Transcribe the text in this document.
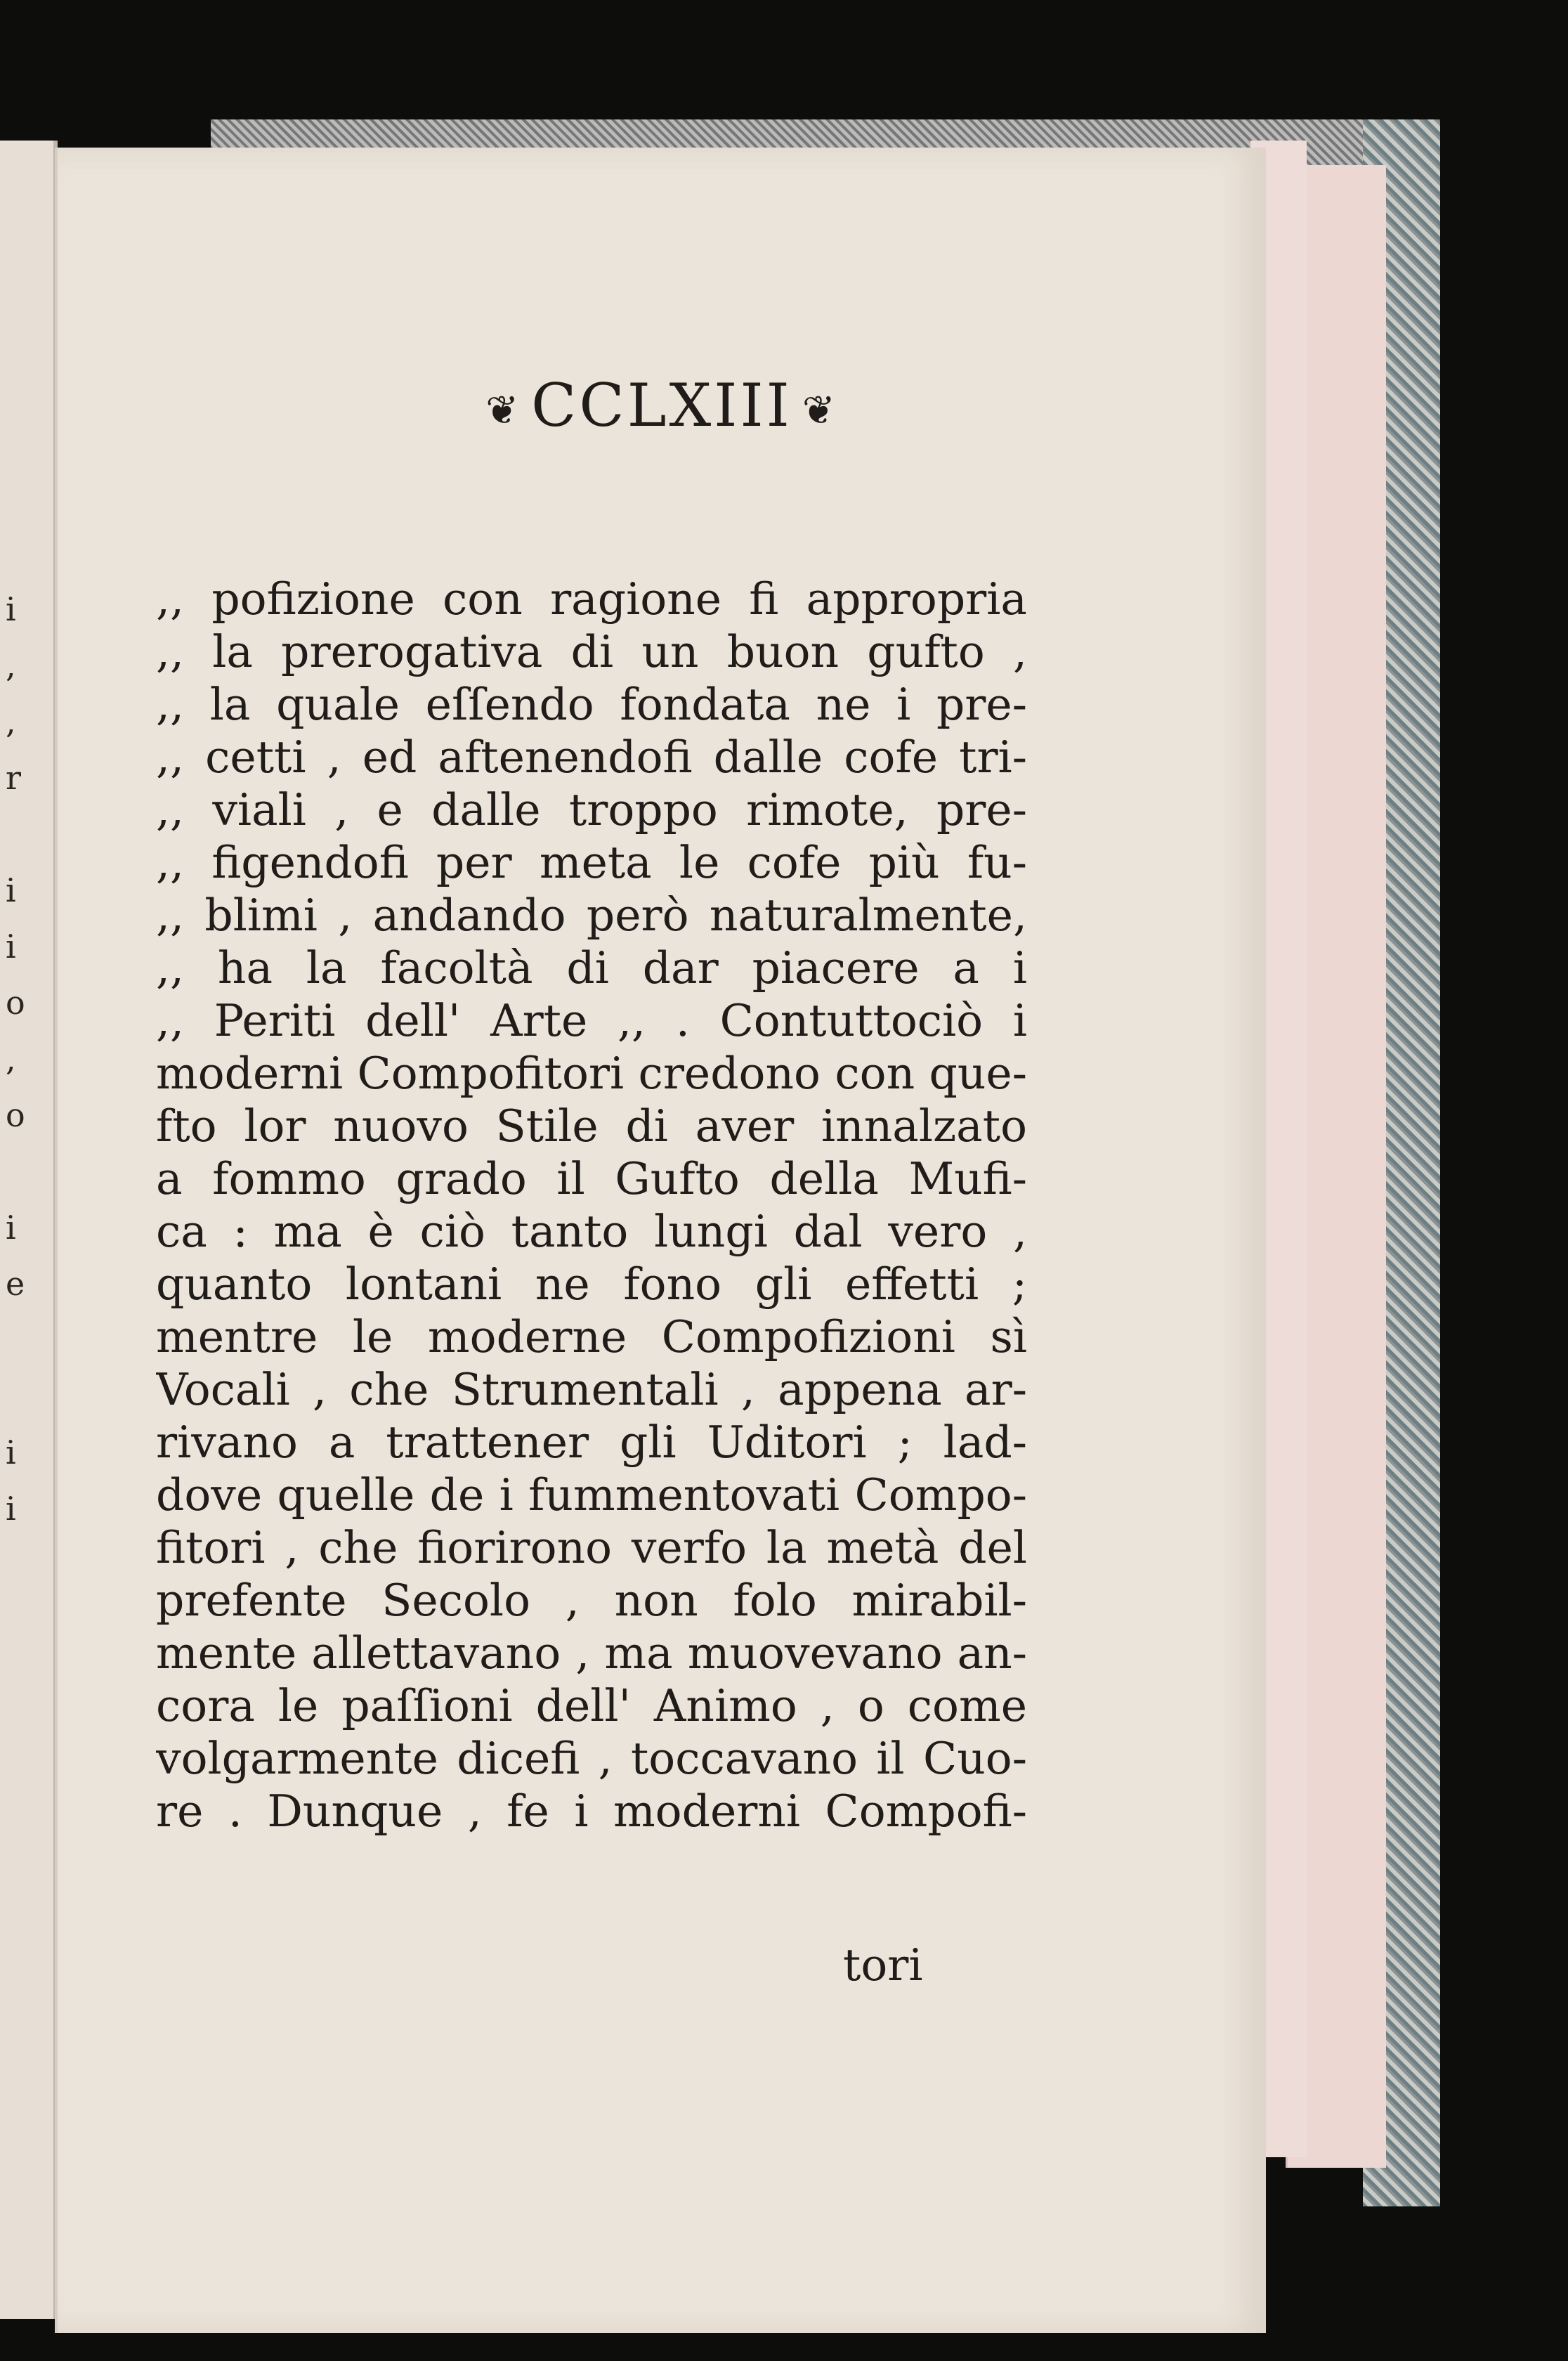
i
,
,
r
i
i
o
,
o
i
e
i
i
❦ CCLXIII ❦
,, pofizione con ragione fi appropria
,, la prerogativa di un buon gufto ,
,, la quale eſſendo fondata ne i pre-
,, cetti , ed aftenendofi dalle cofe tri-
,, viali , e dalle troppo rimote, pre-
,, figendofi per meta le cofe più fu-
,, blimi , andando però naturalmente,
,, ha la facoltà di dar piacere a i
,, Periti dell' Arte ,, . Contuttociò i
moderni Compofitori credono con que-
fto lor nuovo Stile di aver innalzato
a fommo grado il Gufto della Mufi-
ca : ma è ciò tanto lungi dal vero ,
quanto lontani ne fono gli effetti ;
mentre le moderne Compofizioni sì
Vocali , che Strumentali , appena ar-
rivano a trattener gli Uditori ; lad-
dove quelle de i fummentovati Compo-
fitori , che fiorirono verfo la metà del
prefente Secolo , non folo mirabil-
mente allettavano , ma muovevano an-
cora le paſſioni dell' Animo , o come
volgarmente dicefi , toccavano il Cuo-
re . Dunque , fe i moderni Compofi-
tori
